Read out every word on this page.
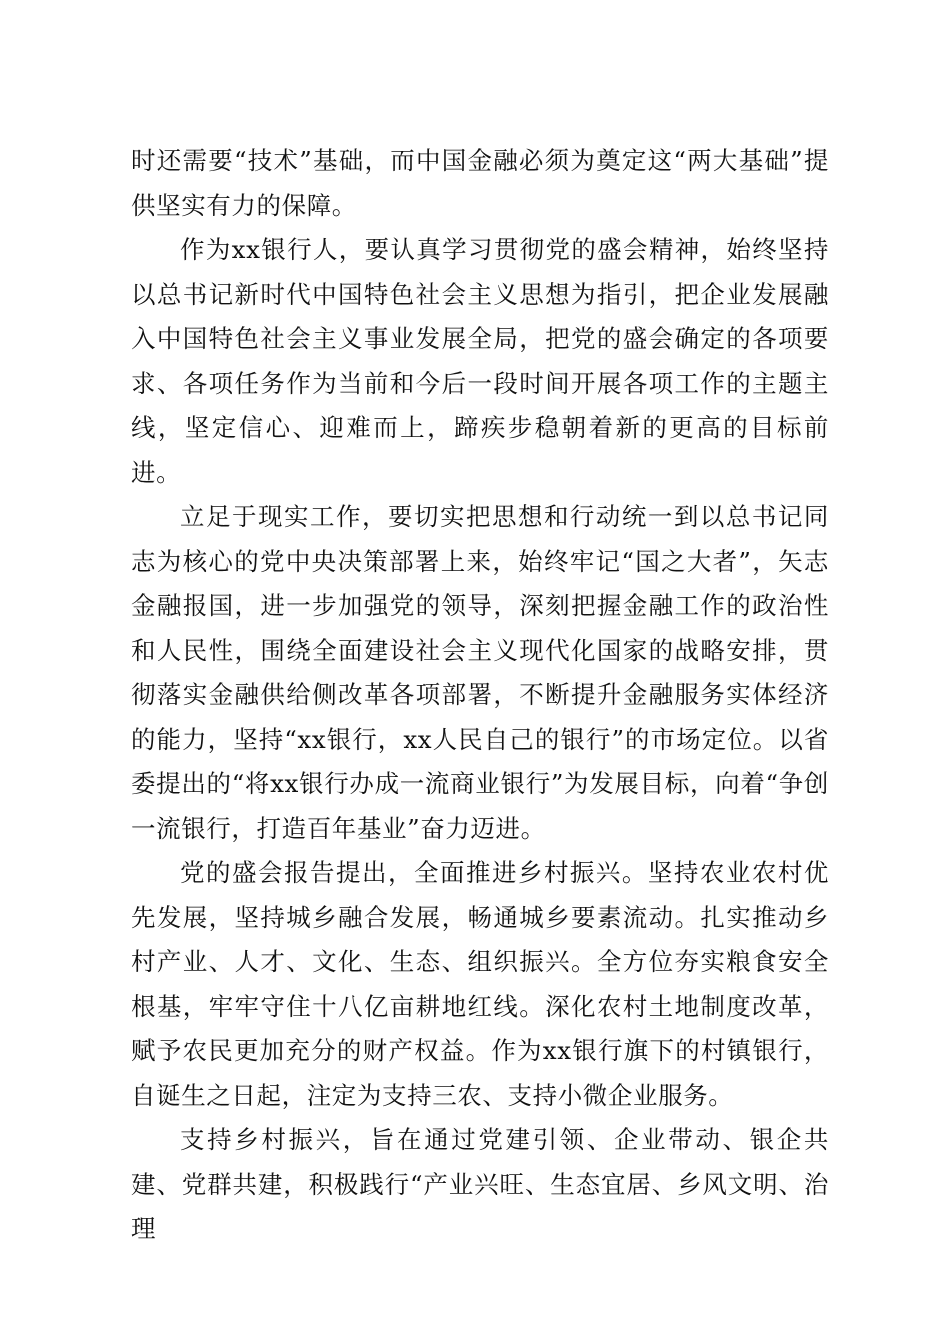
时还需要“技术”基础，而中国金融必须为奠定这“两大基础”提供坚实有力的保障。

作为xx银行人，要认真学习贯彻党的盛会精神，始终坚持以总书记新时代中国特色社会主义思想为指引，把企业发展融入中国特色社会主义事业发展全局，把党的盛会确定的各项要求、各项任务作为当前和今后一段时间开展各项工作的主题主线，坚定信心、迎难而上，蹄疾步稳朝着新的更高的目标前进。

立足于现实工作，要切实把思想和行动统一到以总书记同志为核心的党中央决策部署上来，始终牢记“国之大者”，矢志金融报国，进一步加强党的领导，深刻把握金融工作的政治性和人民性，围绕全面建设社会主义现代化国家的战略安排，贯彻落实金融供给侧改革各项部署，不断提升金融服务实体经济的能力，坚持“xx银行，xx人民自己的银行”的市场定位。以省委提出的“将xx银行办成一流商业银行”为发展目标，向着“争创一流银行，打造百年基业”奋力迈进。

党的盛会报告提出，全面推进乡村振兴。坚持农业农村优先发展，坚持城乡融合发展，畅通城乡要素流动。扎实推动乡村产业、人才、文化、生态、组织振兴。全方位夯实粮食安全根基，牢牢守住十八亿亩耕地红线。深化农村土地制度改革，赋予农民更加充分的财产权益。作为xx银行旗下的村镇银行，自诞生之日起，注定为支持三农、支持小微企业服务。

支持乡村振兴，旨在通过党建引领、企业带动、银企共建、党群共建，积极践行“产业兴旺、生态宜居、乡风文明、治理
